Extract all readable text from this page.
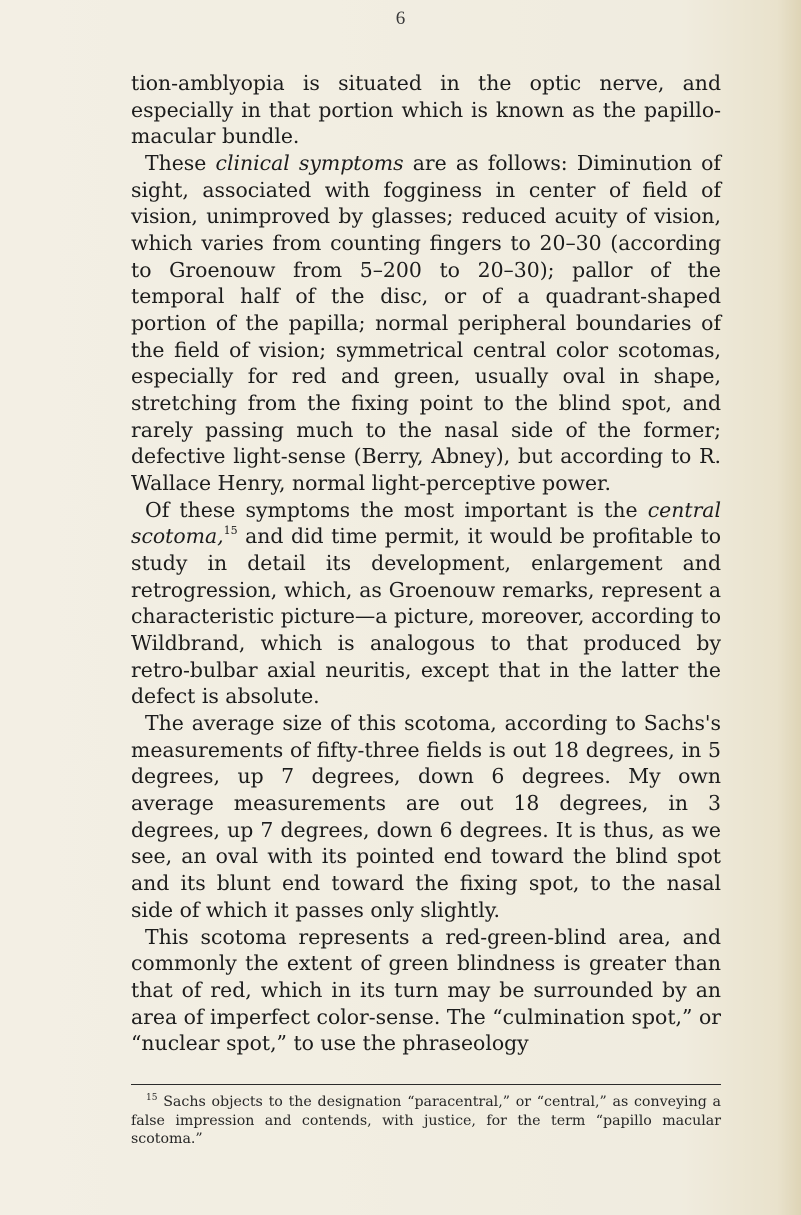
6

tion-amblyopia is situated in the optic nerve, and especially in that portion which is known as the papillo-macular bundle.

These clinical symptoms are as follows: Diminution of sight, associated with fogginess in center of field of vision, unimproved by glasses; reduced acuity of vision, which varies from counting fingers to 20–30 (according to Groenouw from 5–200 to 20–30); pallor of the temporal half of the disc, or of a quadrant-shaped portion of the papilla; normal peripheral boundaries of the field of vision; symmetrical central color scotomas, especially for red and green, usually oval in shape, stretching from the fixing point to the blind spot, and rarely passing much to the nasal side of the former; defective light-sense (Berry, Abney), but according to R. Wallace Henry, normal light-perceptive power.

Of these symptoms the most important is the central scotoma,$^{15}$ and did time permit, it would be profitable to study in detail its development, enlargement and retrogression, which, as Groenouw remarks, represent a characteristic picture—a picture, moreover, according to Wildbrand, which is analogous to that produced by retro-bulbar axial neuritis, except that in the latter the defect is absolute.

The average size of this scotoma, according to Sachs's measurements of fifty-three fields is out 18 degrees, in 5 degrees, up 7 degrees, down 6 degrees. My own average measurements are out 18 degrees, in 3 degrees, up 7 degrees, down 6 degrees. It is thus, as we see, an oval with its pointed end toward the blind spot and its blunt end toward the fixing spot, to the nasal side of which it passes only slightly.

This scotoma represents a red-green-blind area, and commonly the extent of green blindness is greater than that of red, which in its turn may be surrounded by an area of imperfect color-sense. The “culmination spot,” or “nuclear spot,” to use the phraseology

$^{15}$ Sachs objects to the designation “paracentral,” or “central,” as conveying a false impression and contends, with justice, for the term “papillo macular scotoma.”
